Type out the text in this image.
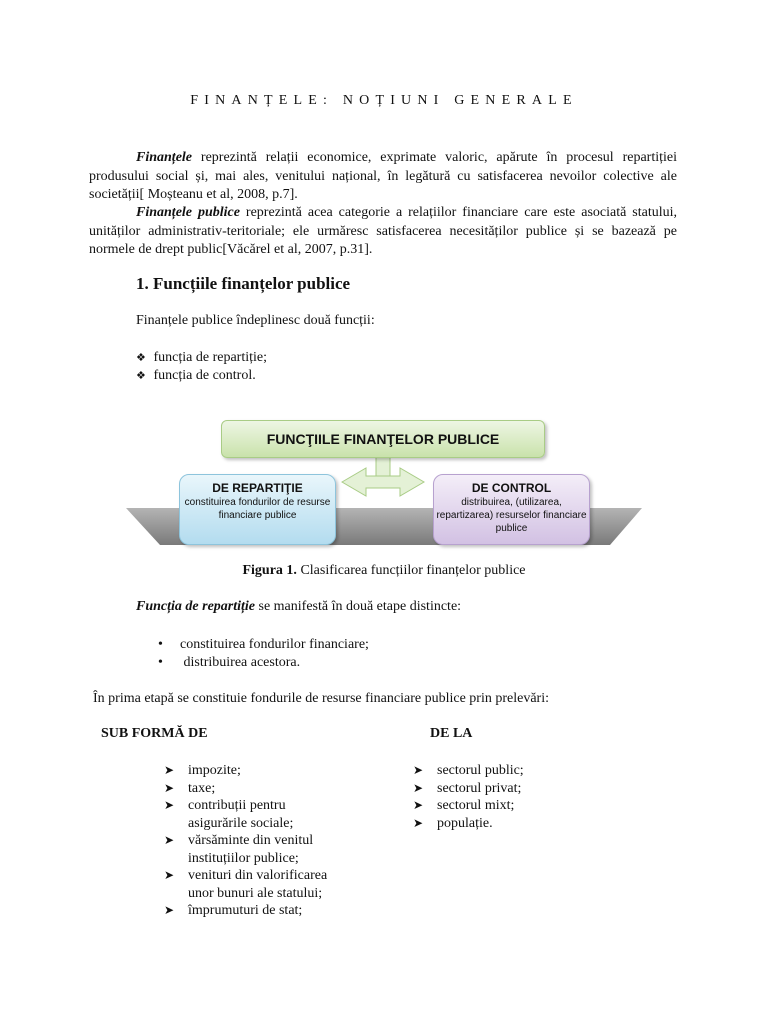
FINANȚELE: NOȚIUNI GENERALE
Finanțele reprezintă relații economice, exprimate valoric, apărute în procesul repartiției produsului social și, mai ales, venitului național, în legătură cu satisfacerea nevoilor colective ale societății[ Moșteanu et al, 2008, p.7].
Finanțele publice reprezintă acea categorie a relațiilor financiare care este asociată statului, unităților administrativ-teritoriale; ele urmăresc satisfacerea necesităților publice și se bazează pe normele de drept public[Văcărel et al, 2007, p.31].
1. Funcțiile finanțelor publice
Finanțele publice îndeplinesc două funcții:
❖ funcția de repartiție;
❖ funcția de control.
FUNCŢIILE FINANŢELOR PUBLICE
DE REPARTIŢIE
constituirea fondurilor de resurse financiare publice
DE CONTROL
distribuirea, (utilizarea, repartizarea) resurselor financiare publice
Figura 1. Clasificarea funcțiilor finanțelor publice
Funcția de repartiție se manifestă în două etape distincte:
• constituirea fondurilor financiare;
• distribuirea acestora.
În prima etapă se constituie fondurile de resurse financiare publice prin prelevări:
SUB FORMĂ DE	DE LA
➤ impozite;
➤ taxe;
➤ contribuții pentru asigurările sociale;
➤ vărsăminte din venitul instituțiilor publice;
➤ venituri din valorificarea unor bunuri ale statului;
➤ împrumuturi de stat;
➤ sectorul public;
➤ sectorul privat;
➤ sectorul mixt;
➤ populație.
